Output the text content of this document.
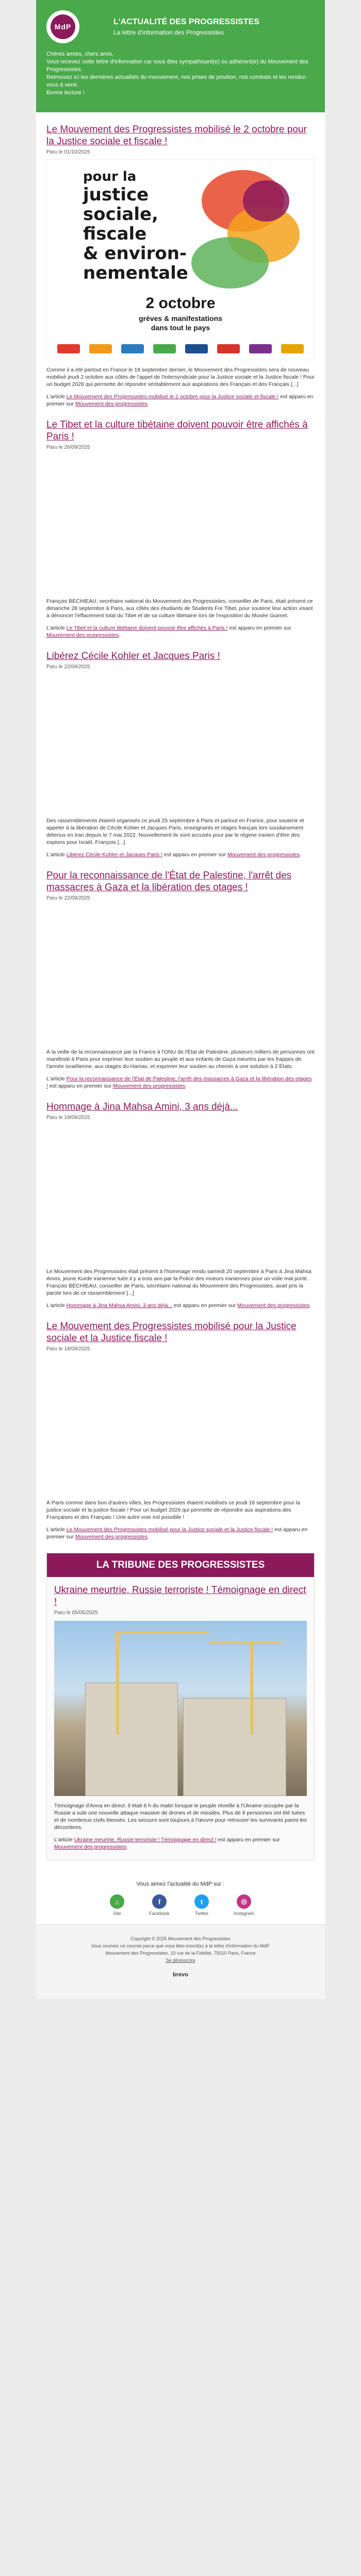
MdP
L'ACTUALITÉ DES PROGRESSISTES
La lettre d'information des Progressistes

Chères amies, chers amis,

Vous recevez cette lettre d'information car vous êtes sympathisant(e) ou adhérent(e) du Mouvement des Progressistes.

Retrouvez ici les dernières actualités du mouvement, nos prises de position, nos combats et les rendez-vous à venir.

Bonne lecture !

Le Mouvement des Progressistes mobilisé le 2 octobre pour la Justice sociale et fiscale !
Paru le 01/10/2025
pour la
justice
sociale,
fiscale
& environ-
nementale
2 octobre
grèves & manifestations
dans tout le pays
Comme il a été partout en France le 18 septembre dernier, le Mouvement des Progressistes sera de nouveau mobilisé jeudi 2 octobre aux côtés de l'appel de l'intersyndicale pour la Justice sociale et la Justice fiscale ! Pour un budget 2026 qui permette de répondre véritablement aux aspirations des Français et des Français [...]
L'article Le Mouvement des Progressistes mobilisé le 2 octobre pour la Justice sociale et fiscale ! est apparu en premier sur Mouvement des progressistes.
Le Tibet et la culture tibétaine doivent pouvoir être affichés à Paris !
Paru le 26/09/2025
François BÉCHIEAU, secrétaire national du Mouvement des Progressistes, conseiller de Paris, était présent ce dimanche 28 septembre à Paris, aux côtés des étudiants de Students For Tibet, pour soutenir leur action visant à dénoncer l'effacement total du Tibet et de sa culture tibétaine lors de l'exposition du Musée Guimet.
L'article Le Tibet et la culture tibétaine doivent pouvoir être affichés à Paris ! est apparu en premier sur Mouvement des progressistes.
Libérez Cécile Kohler et Jacques Paris !
Paru le 22/09/2025
Des rassemblements étaient organisés ce jeudi 25 septembre à Paris et partout en France, pour soutenir et appeler à la libération de Cécile Kohler et Jacques Paris, enseignants et otages français lors soudainement détenus en Iran depuis le 7 mai 2022. Nouvellement ils sont accusés pour par le régime iranien d'être des espions pour Israël. François [...]
L'article Libérez Cécile Kohler et Jacques Paris ! est apparu en premier sur Mouvement des progressistes.
Pour la reconnaissance de l'État de Palestine, l'arrêt des massacres à Gaza et la libération des otages !
Paru le 22/09/2025
À la veille de la reconnaissance par la France à l'ONU de l'État de Palestine, plusieurs milliers de personnes ont manifesté à Paris pour exprimer leur soutien au peuple et aux enfants de Gaza meurtris par les frappes de l'armée israélienne, aux otages du Hamas, et exprimer leur soutien au chemin à une solution à 2 États.
L'article Pour la reconnaissance de l'État de Palestine, l'arrêt des massacres à Gaza et la libération des otages ! est apparu en premier sur Mouvement des progressistes.
Hommage à Jina Mahsa Amini, 3 ans déjà...
Paru le 19/09/2025
Le Mouvement des Progressistes était présent à l'hommage rendu samedi 20 septembre à Paris à Jina Mahsa Amini, jeune Kurde iranienne tuée il y a trois ans par la Police des moeurs iraniennes pour un voile mal porté. François BÉCHIEAU, conseiller de Paris, secrétaire national du Mouvement des Progressistes, avait pris la parole lors de ce rassemblement [...]
L'article Hommage à Jina Mahsa Amini, 3 ans déjà... est apparu en premier sur Mouvement des progressistes.
Le Mouvement des Progressistes mobilisé pour la Justice sociale et la Justice fiscale !
Paru le 18/09/2025
À Paris comme dans bon d'autres villes, les Progressistes étaient mobilisés ce jeudi 18 septembre pour la justice sociale et la justice fiscale ! Pour un budget 2026 qui permette de répondre aux aspirations des Françaises et des Français ! Une autre voie est possible !
L'article Le Mouvement des Progressistes mobilisé pour la Justice sociale et la Justice fiscale ! est apparu en premier sur Mouvement des progressistes.
LA TRIBUNE DES PROGRESSISTES
Ukraine meurtrie, Russie terroriste ! Témoignage en direct !
Paru le 05/05/2025
Témoignage d'Anna en direct. Il était 6 h du matin lorsque le peuple réveille à l'Ukraine occupée par la Russie a subi une nouvelle attaque massive de drones et de missiles. Plus de 8 personnes ont été tuées et de nombreux civils blessés. Les secours sont toujours à l'œuvre pour retrouver les survivants parmi les décombres.
L'article Ukraine meurtrie, Russie terroriste ! Témoignage en direct ! est apparu en premier sur Mouvement des progressistes.
Vous aimez l'actualité du MdP sur :
⌂
Site
f
Facebook
t
Twitter
◎
Instagram
Copyright © 2025 Mouvement des Progressistes
Vous recevez ce courriel parce que vous êtes inscrit(e) à la lettre d'information du MdP.
Mouvement des Progressistes, 10 rue de la Fidélité, 75010 Paris, France
Se désinscrire
brevo
